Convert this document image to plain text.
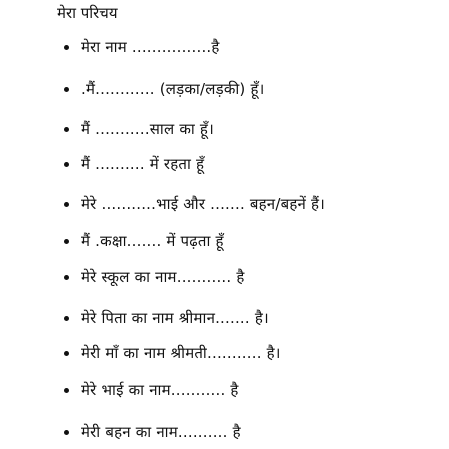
मेरा परिचय
मेरा नाम ................है
.मैं............ (लड़का/लड़की) हूँ।
मैं ...........साल का हूँ।
मैं .......... में रहता हूँ
मेरे ...........भाई और ....... बहन/बहनें हैं।
मैं .कक्षा....... में पढ़ता हूँ
मेरे स्कूल का नाम........... है
मेरे पिता का नाम श्रीमान....... है।
मेरी माँ का नाम श्रीमती........... है।
मेरे भाई का नाम........... है
मेरी बहन का नाम.......... है
